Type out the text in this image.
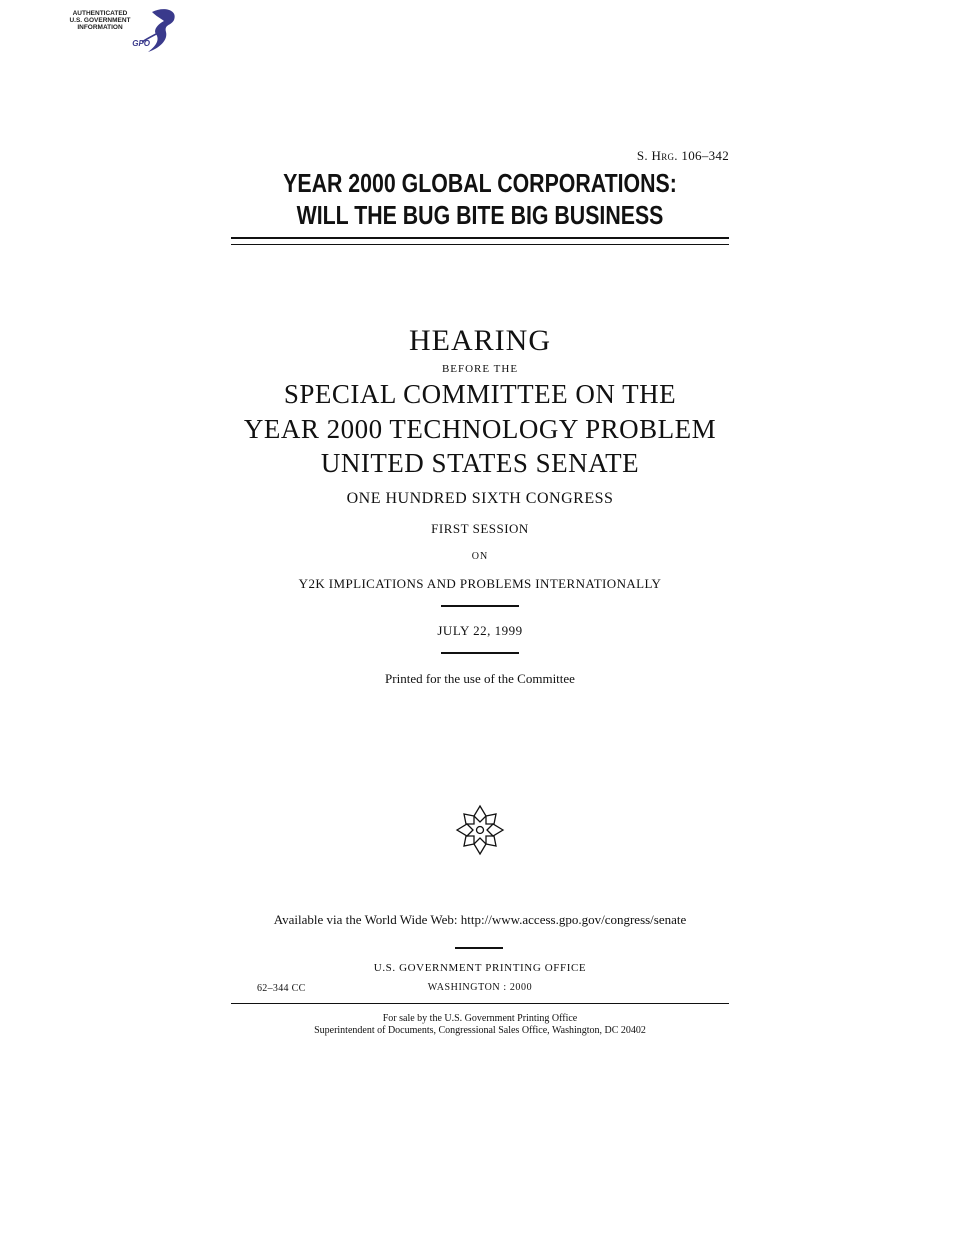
AUTHENTICATED
U.S. GOVERNMENT
INFORMATION
GPO
S. Hrg. 106–342
YEAR 2000 GLOBAL CORPORATIONS:
WILL THE BUG BITE BIG BUSINESS
HEARING
BEFORE THE
SPECIAL COMMITTEE ON THE
YEAR 2000 TECHNOLOGY PROBLEM
UNITED STATES SENATE
ONE HUNDRED SIXTH CONGRESS
FIRST SESSION
ON
Y2K IMPLICATIONS AND PROBLEMS INTERNATIONALLY
JULY 22, 1999
Printed for the use of the Committee
Available via the World Wide Web: http://www.access.gpo.gov/congress/senate
U.S. GOVERNMENT PRINTING OFFICE
62–344 CC	WASHINGTON : 2000
For sale by the U.S. Government Printing Office
Superintendent of Documents, Congressional Sales Office, Washington, DC 20402
